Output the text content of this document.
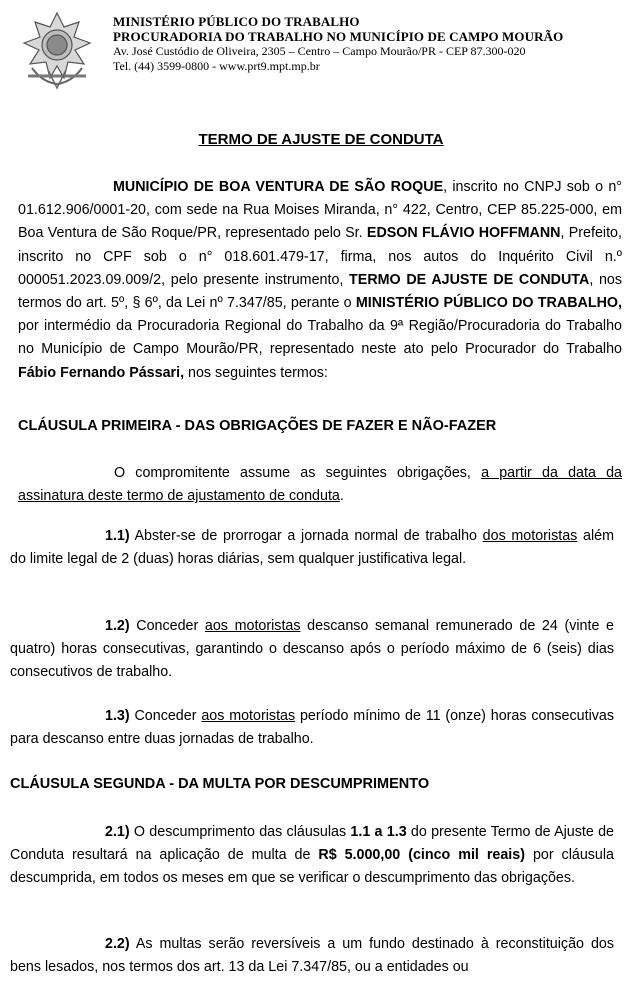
MINISTÉRIO PÚBLICO DO TRABALHO
PROCURADORIA DO TRABALHO NO MUNICÍPIO DE CAMPO MOURÃO
Av. José Custódio de Oliveira, 2305 – Centro – Campo Mourão/PR - CEP 87.300-020
Tel. (44) 3599-0800 - www.prt9.mpt.mp.br
TERMO DE AJUSTE DE CONDUTA
MUNICÍPIO DE BOA VENTURA DE SÃO ROQUE, inscrito no CNPJ sob o n° 01.612.906/0001-20, com sede na Rua Moises Miranda, n° 422, Centro, CEP 85.225-000, em Boa Ventura de São Roque/PR, representado pelo Sr. EDSON FLÁVIO HOFFMANN, Prefeito, inscrito no CPF sob o n° 018.601.479-17, firma, nos autos do Inquérito Civil n.º 000051.2023.09.009/2, pelo presente instrumento, TERMO DE AJUSTE DE CONDUTA, nos termos do art. 5º, § 6º, da Lei nº 7.347/85, perante o MINISTÉRIO PÚBLICO DO TRABALHO, por intermédio da Procuradoria Regional do Trabalho da 9ª Região/Procuradoria do Trabalho no Município de Campo Mourão/PR, representado neste ato pelo Procurador do Trabalho Fábio Fernando Pássari, nos seguintes termos:
CLÁUSULA PRIMEIRA - DAS OBRIGAÇÕES DE FAZER E NÃO-FAZER
O compromitente assume as seguintes obrigações, a partir da data da assinatura deste termo de ajustamento de conduta.
1.1) Abster-se de prorrogar a jornada normal de trabalho dos motoristas além do limite legal de 2 (duas) horas diárias, sem qualquer justificativa legal.
1.2) Conceder aos motoristas descanso semanal remunerado de 24 (vinte e quatro) horas consecutivas, garantindo o descanso após o período máximo de 6 (seis) dias consecutivos de trabalho.
1.3) Conceder aos motoristas período mínimo de 11 (onze) horas consecutivas para descanso entre duas jornadas de trabalho.
CLÁUSULA SEGUNDA - DA MULTA POR DESCUMPRIMENTO
2.1) O descumprimento das cláusulas 1.1 a 1.3 do presente Termo de Ajuste de Conduta resultará na aplicação de multa de R$ 5.000,00 (cinco mil reais) por cláusula descumprida, em todos os meses em que se verificar o descumprimento das obrigações.
2.2) As multas serão reversíveis a um fundo destinado à reconstituição dos bens lesados, nos termos dos art. 13 da Lei 7.347/85, ou a entidades ou
